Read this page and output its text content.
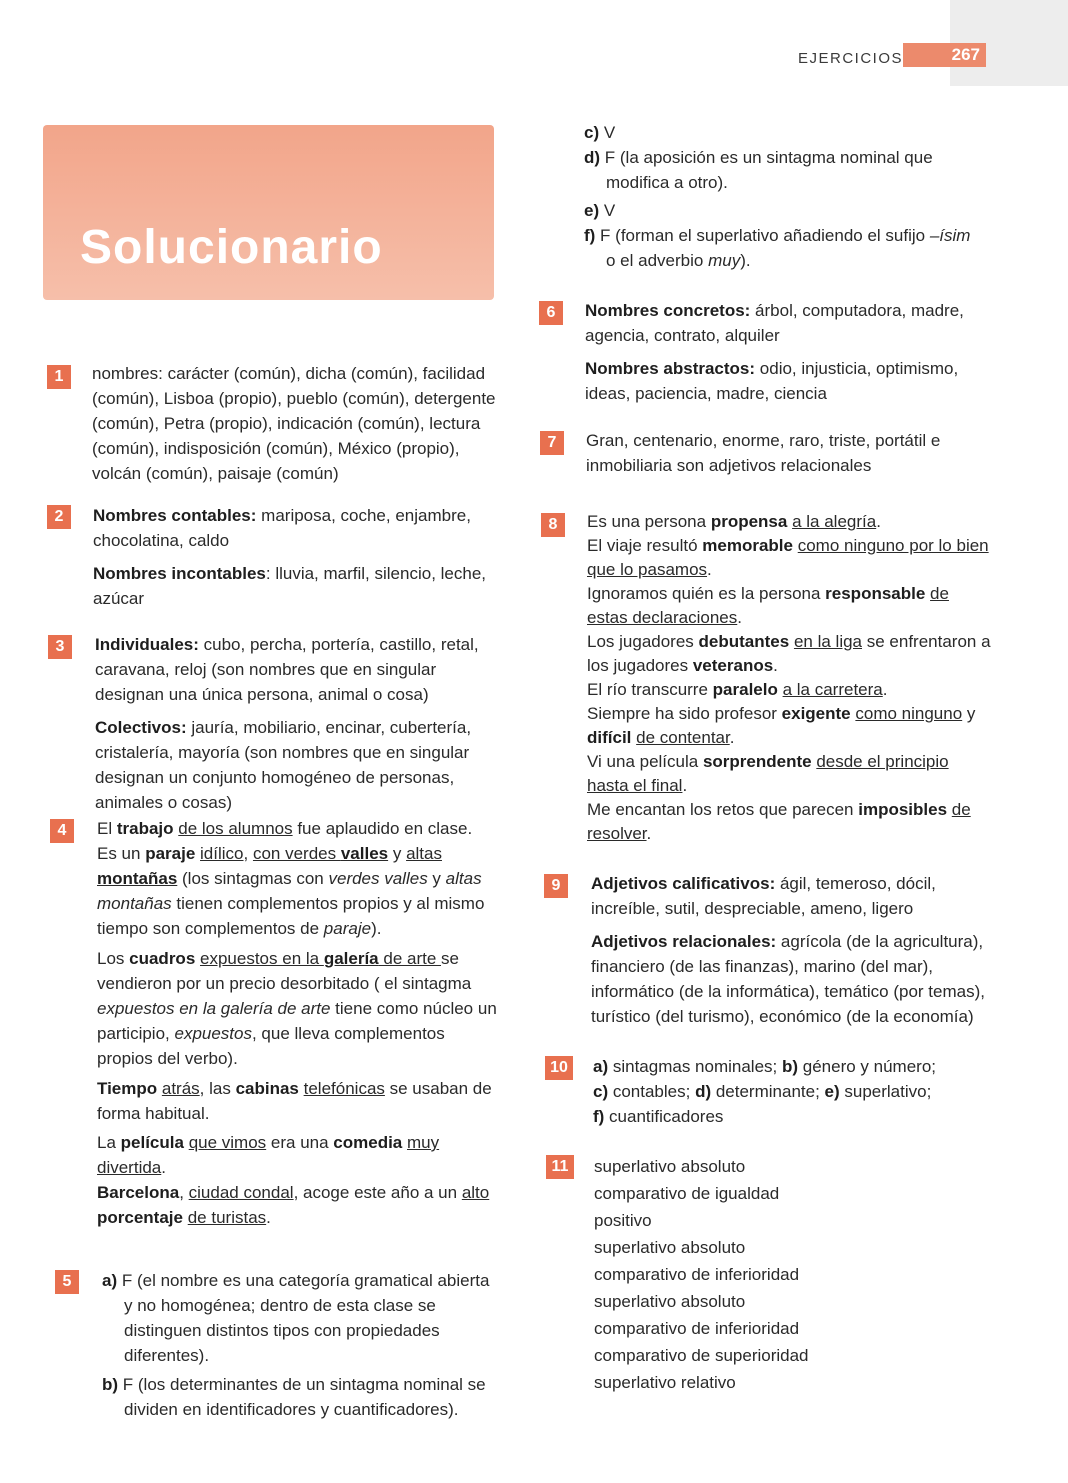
EJERCICIOS	267
Solucionario
1	nombres: carácter (común), dicha (común), facilidad (común), Lisboa (propio), pueblo (común), detergente (común), Petra (propio), indicación (común), lectura (común), indisposición (común), México (propio), volcán (común), paisaje (común)

2	Nombres contables: mariposa, coche, enjambre, chocolatina, caldo

Nombres incontables: lluvia, marfil, silencio, leche, azúcar

3	Individuales: cubo, percha, portería, castillo, retal, caravana, reloj (son nombres que en singular designan una única persona, animal o cosa)

Colectivos: jauría, mobiliario, encinar, cubertería, cristalería, mayoría (son nombres que en singular designan un conjunto homogéneo de personas, animales o cosas)

4	El trabajo de los alumnos fue aplaudido en clase.

Es un paraje idílico, con verdes valles y altas montañas (los sintagmas con verdes valles y altas montañas tienen complementos propios y al mismo tiempo son complementos de paraje).

Los cuadros expuestos en la galería de arte se vendieron por un precio desorbitado ( el sintagma expuestos en la galería de arte tiene como núcleo un participio, expuestos, que lleva complementos propios del verbo).

Tiempo atrás, las cabinas telefónicas se usaban de forma habitual.

La película que vimos era una comedia muy divertida.

Barcelona, ciudad condal, acoge este año a un alto porcentaje de turistas.

5	a) F (el nombre es una categoría gramatical abierta y no homogénea; dentro de esta clase se distinguen distintos tipos con propiedades diferentes).

b) F (los determinantes de un sintagma nominal se dividen en identificadores y cuantificadores).

c) V

d) F (la aposición es un sintagma nominal que modifica a otro).

e) V

f) F (forman el superlativo añadiendo el sufijo –ísim o el adverbio muy).

6	Nombres concretos: árbol, computadora, madre, agencia, contrato, alquiler

Nombres abstractos: odio, injusticia, optimismo, ideas, paciencia, madre, ciencia

7	Gran, centenario, enorme, raro, triste, portátil e inmobiliaria son adjetivos relacionales

8	Es una persona propensa a la alegría.

El viaje resultó memorable como ninguno por lo bien que lo pasamos.

Ignoramos quién es la persona responsable de estas declaraciones.

Los jugadores debutantes en la liga se enfrentaron a los jugadores veteranos.

El río transcurre paralelo a la carretera.

Siempre ha sido profesor exigente como ninguno y difícil de contentar.

Vi una película sorprendente desde el principio hasta el final.

Me encantan los retos que parecen imposibles de resolver.

9	Adjetivos calificativos: ágil, temeroso, dócil, increíble, sutil, despreciable, ameno, ligero

Adjetivos relacionales: agrícola (de la agricultura), financiero (de las finanzas), marino (del mar), informático (de la informática), temático (por temas), turístico (del turismo), económico (de la economía)

10	a) sintagmas nominales; b) género y número;

c) contables; d) determinante; e) superlativo;

f) cuantificadores

11	superlativo absoluto

comparativo de igualdad

positivo

superlativo absoluto

comparativo de inferioridad

superlativo absoluto

comparativo de inferioridad

comparativo de superioridad

superlativo relativo
